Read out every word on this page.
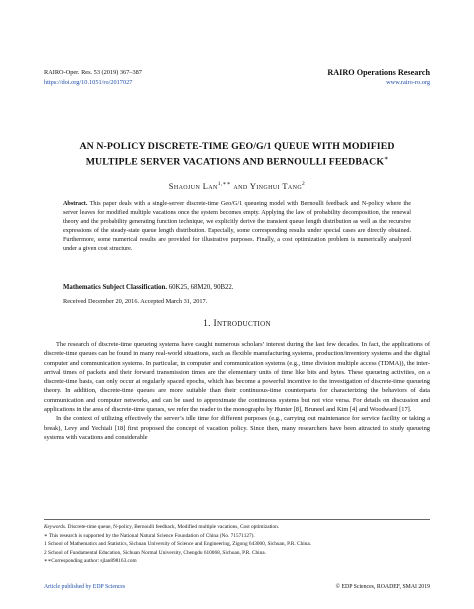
RAIRO-Oper. Res. 53 (2019) 367–387
https://doi.org/10.1051/ro/2017027
RAIRO Operations Research
www.rairo-ro.org
AN N-POLICY DISCRETE-TIME GEO/G/1 QUEUE WITH MODIFIED
MULTIPLE SERVER VACATIONS AND BERNOULLI FEEDBACK∗
Shaojun Lan$^{1,∗∗}$ and Yinghui Tang$^2$
Abstract. This paper deals with a single-server discrete-time Geo/G/1 queueing model with Bernoulli feedback and N-policy where the server leaves for modified multiple vacations once the system becomes empty. Applying the law of probability decomposition, the renewal theory and the probability generating function technique, we explicitly derive the transient queue length distribution as well as the recursive expressions of the steady-state queue length distribution. Especially, some corresponding results under special cases are directly obtained. Furthermore, some numerical results are provided for illustrative purposes. Finally, a cost optimization problem is numerically analyzed under a given cost structure.
Mathematics Subject Classification. 60K25, 68M20, 90B22.
Received December 20, 2016. Accepted March 31, 2017.
1. Introduction

The research of discrete-time queueing systems have caught numerous scholars’ interest during the last few decades. In fact, the applications of discrete-time queues can be found in many real-world situations, such as flexible manufacturing systems, production/inventory systems and the digital computer and communication systems. In particular, in computer and communication systems (e.g., time division multiple access (TDMA)), the inter-arrival times of packets and their forward transmission times are the elementary units of time like bits and bytes. These queueing activities, on a discrete-time basis, can only occur at regularly spaced epochs, which has become a powerful incentive to the investigation of discrete-time queueing theory. In addition, discrete-time queues are more suitable than their continuous-time counterparts for characterizing the behaviors of data communication and computer networks, and can be used to approximate the continuous systems but not vice versa. For details on discussion and applications in the area of discrete-time queues, we refer the reader to the monographs by Hunter [8], Bruneel and Kim [4] and Woodward [17].

In the context of utilizing effectively the server’s idle time for different purposes (e.g., carrying out maintenance for service facility or taking a break), Levy and Yechiali [18] first proposed the concept of vacation policy. Since then, many researchers have been attracted to study queueing systems with vacations and considerable

Keywords. Discrete-time queue, N-policy, Bernoulli feedback, Modified multiple vacations, Cost optimization.
∗ This research is supported by the National Natural Science Foundation of China (No. 71571127).
1 School of Mathematics and Statistics, Sichuan University of Science and Engineering, Zigong 643000, Sichuan, P.R. China.
2 School of Fundamental Education, Sichuan Normal University, Chengdu 610068, Sichuan, P.R. China.
∗∗Corresponding author: sjlan898163.com
Article published by EDP Sciences	© EDP Sciences, ROADEF, SMAI 2019
